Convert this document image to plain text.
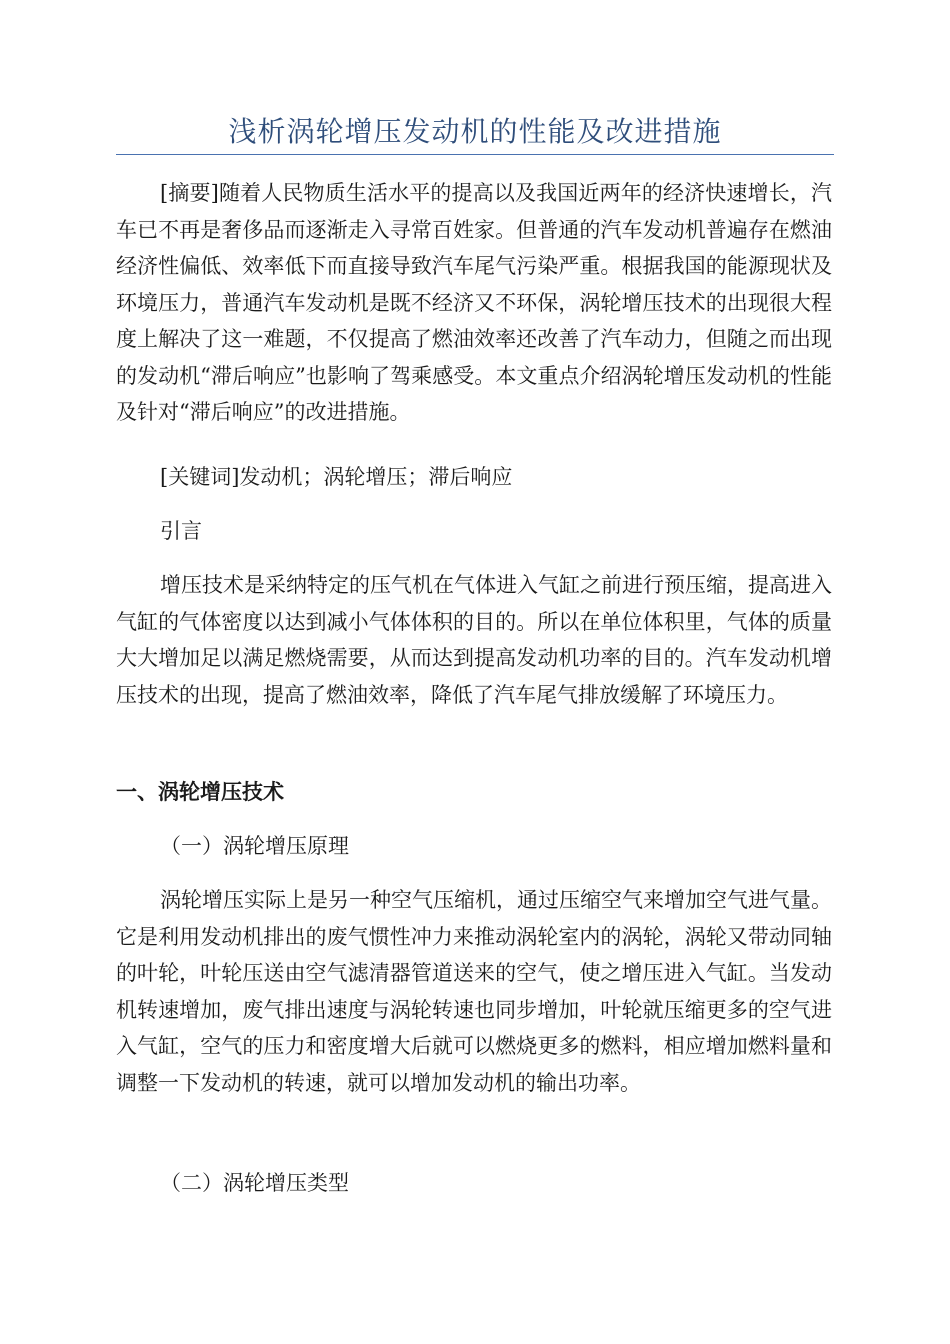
浅析涡轮增压发动机的性能及改进措施

[摘要]随着人民物质生活水平的提高以及我国近两年的经济快速增长，汽车已不再是奢侈品而逐渐走入寻常百姓家。但普通的汽车发动机普遍存在燃油经济性偏低、效率低下而直接导致汽车尾气污染严重。根据我国的能源现状及环境压力，普通汽车发动机是既不经济又不环保，涡轮增压技术的出现很大程度上解决了这一难题，不仅提高了燃油效率还改善了汽车动力，但随之而出现的发动机“滞后响应”也影响了驾乘感受。本文重点介绍涡轮增压发动机的性能及针对“滞后响应”的改进措施。

[关键词]发动机；涡轮增压；滞后响应

引言

增压技术是采纳特定的压气机在气体进入气缸之前进行预压缩，提高进入气缸的气体密度以达到减小气体体积的目的。所以在单位体积里，气体的质量大大增加足以满足燃烧需要，从而达到提高发动机功率的目的。汽车发动机增压技术的出现，提高了燃油效率，降低了汽车尾气排放缓解了环境压力。

一、涡轮增压技术

（一）涡轮增压原理

涡轮增压实际上是另一种空气压缩机，通过压缩空气来增加空气进气量。它是利用发动机排出的废气惯性冲力来推动涡轮室内的涡轮，涡轮又带动同轴的叶轮，叶轮压送由空气滤清器管道送来的空气，使之增压进入气缸。当发动机转速增加，废气排出速度与涡轮转速也同步增加，叶轮就压缩更多的空气进入气缸，空气的压力和密度增大后就可以燃烧更多的燃料，相应增加燃料量和调整一下发动机的转速，就可以增加发动机的输出功率。

（二）涡轮增压类型
